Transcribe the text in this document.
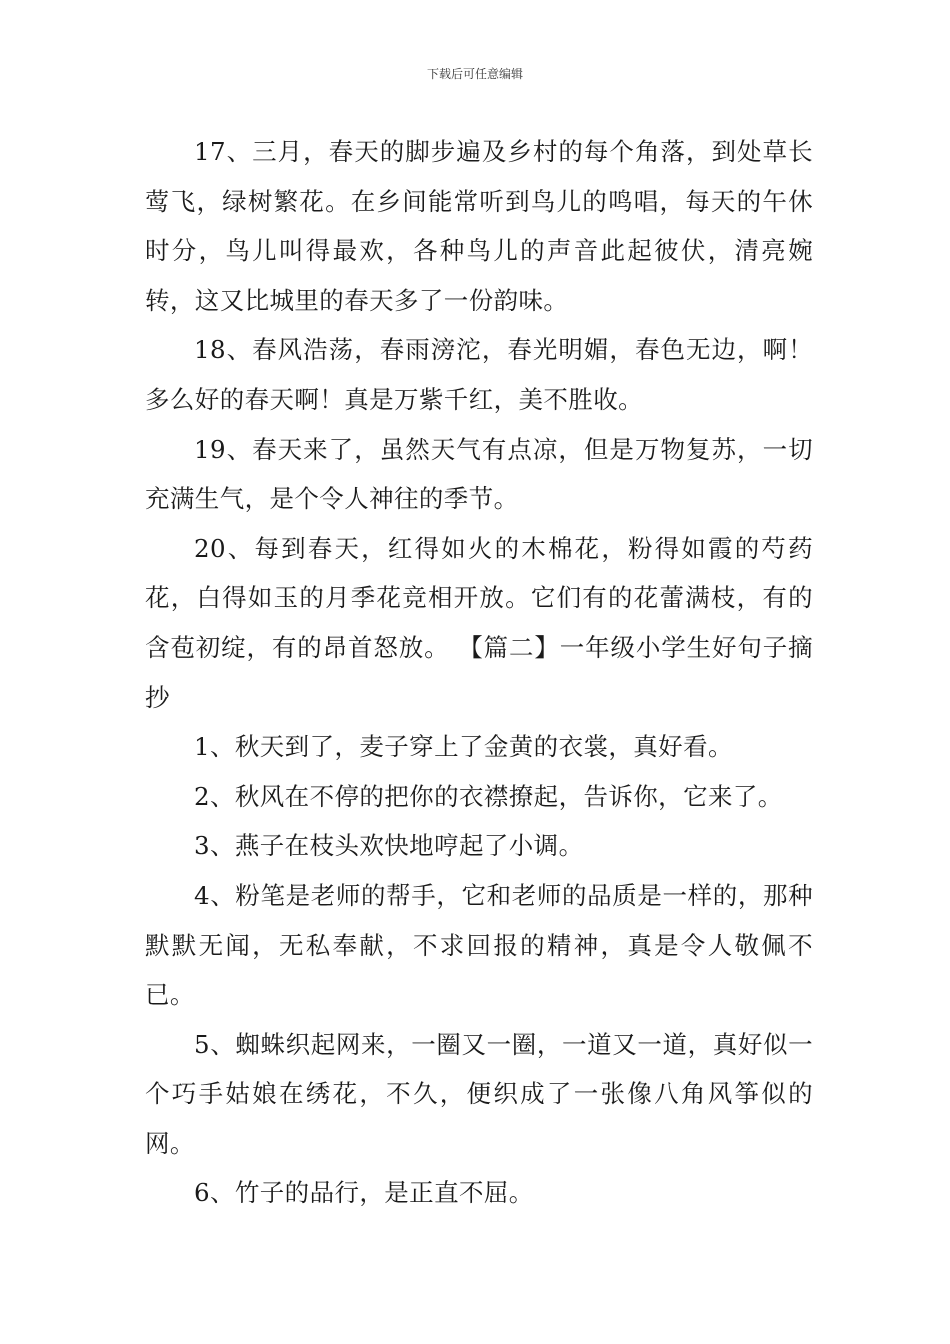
下载后可任意编辑

17、三月，春天的脚步遍及乡村的每个角落，到处草长莺飞，绿树繁花。在乡间能常听到鸟儿的鸣唱，每天的午休时分，鸟儿叫得最欢，各种鸟儿的声音此起彼伏，清亮婉转，这又比城里的春天多了一份韵味。

18、春风浩荡，春雨滂沱，春光明媚，春色无边，啊！多么好的春天啊！真是万紫千红，美不胜收。

19、春天来了，虽然天气有点凉，但是万物复苏，一切充满生气，是个令人神往的季节。

20、每到春天，红得如火的木棉花，粉得如霞的芍药花，白得如玉的月季花竞相开放。它们有的花蕾满枝，有的含苞初绽，有的昂首怒放。 【篇二】一年级小学生好句子摘抄

1、秋天到了，麦子穿上了金黄的衣裳，真好看。

2、秋风在不停的把你的衣襟撩起，告诉你，它来了。

3、燕子在枝头欢快地哼起了小调。

4、粉笔是老师的帮手，它和老师的品质是一样的，那种默默无闻，无私奉献，不求回报的精神，真是令人敬佩不已。

5、蜘蛛织起网来，一圈又一圈，一道又一道，真好似一个巧手姑娘在绣花，不久，便织成了一张像八角风筝似的网。

6、竹子的品行，是正直不屈。
